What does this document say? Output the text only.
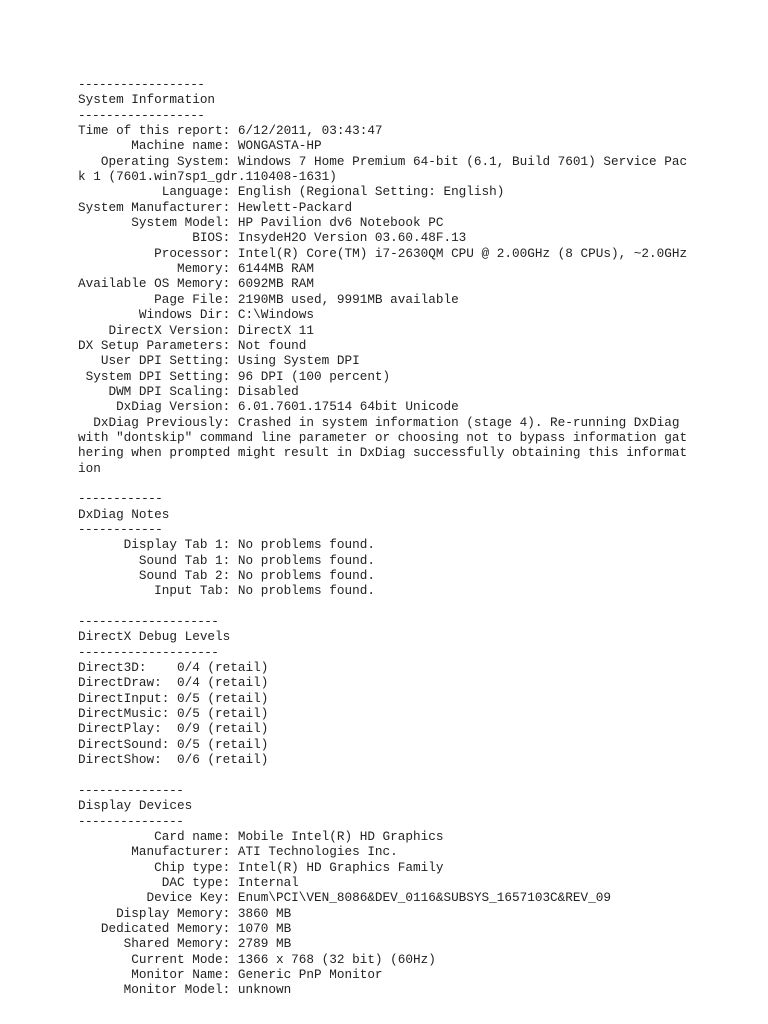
------------------
System Information
------------------
Time of this report: 6/12/2011, 03:43:47
Machine name: WONGASTA-HP
Operating System: Windows 7 Home Premium 64-bit (6.1, Build 7601) Service Pac
k 1 (7601.win7sp1_gdr.110408-1631)
Language: English (Regional Setting: English)
System Manufacturer: Hewlett-Packard
System Model: HP Pavilion dv6 Notebook PC
BIOS: InsydeH2O Version 03.60.48F.13
Processor: Intel(R) Core(TM) i7-2630QM CPU @ 2.00GHz (8 CPUs), ~2.0GHz
Memory: 6144MB RAM
Available OS Memory: 6092MB RAM
Page File: 2190MB used, 9991MB available
Windows Dir: C:\Windows
DirectX Version: DirectX 11
DX Setup Parameters: Not found
User DPI Setting: Using System DPI
System DPI Setting: 96 DPI (100 percent)
DWM DPI Scaling: Disabled
DxDiag Version: 6.01.7601.17514 64bit Unicode
DxDiag Previously: Crashed in system information (stage 4). Re-running DxDiag
with "dontskip" command line parameter or choosing not to bypass information gat
hering when prompted might result in DxDiag successfully obtaining this informat
ion

------------
DxDiag Notes
------------
Display Tab 1: No problems found.
Sound Tab 1: No problems found.
Sound Tab 2: No problems found.
Input Tab: No problems found.

--------------------
DirectX Debug Levels
--------------------
Direct3D:    0/4 (retail)
DirectDraw:  0/4 (retail)
DirectInput: 0/5 (retail)
DirectMusic: 0/5 (retail)
DirectPlay:  0/9 (retail)
DirectSound: 0/5 (retail)
DirectShow:  0/6 (retail)

---------------
Display Devices
---------------
Card name: Mobile Intel(R) HD Graphics
Manufacturer: ATI Technologies Inc.
Chip type: Intel(R) HD Graphics Family
DAC type: Internal
Device Key: Enum\PCI\VEN_8086&DEV_0116&SUBSYS_1657103C&REV_09
Display Memory: 3860 MB
Dedicated Memory: 1070 MB
Shared Memory: 2789 MB
Current Mode: 1366 x 768 (32 bit) (60Hz)
Monitor Name: Generic PnP Monitor
Monitor Model: unknown
